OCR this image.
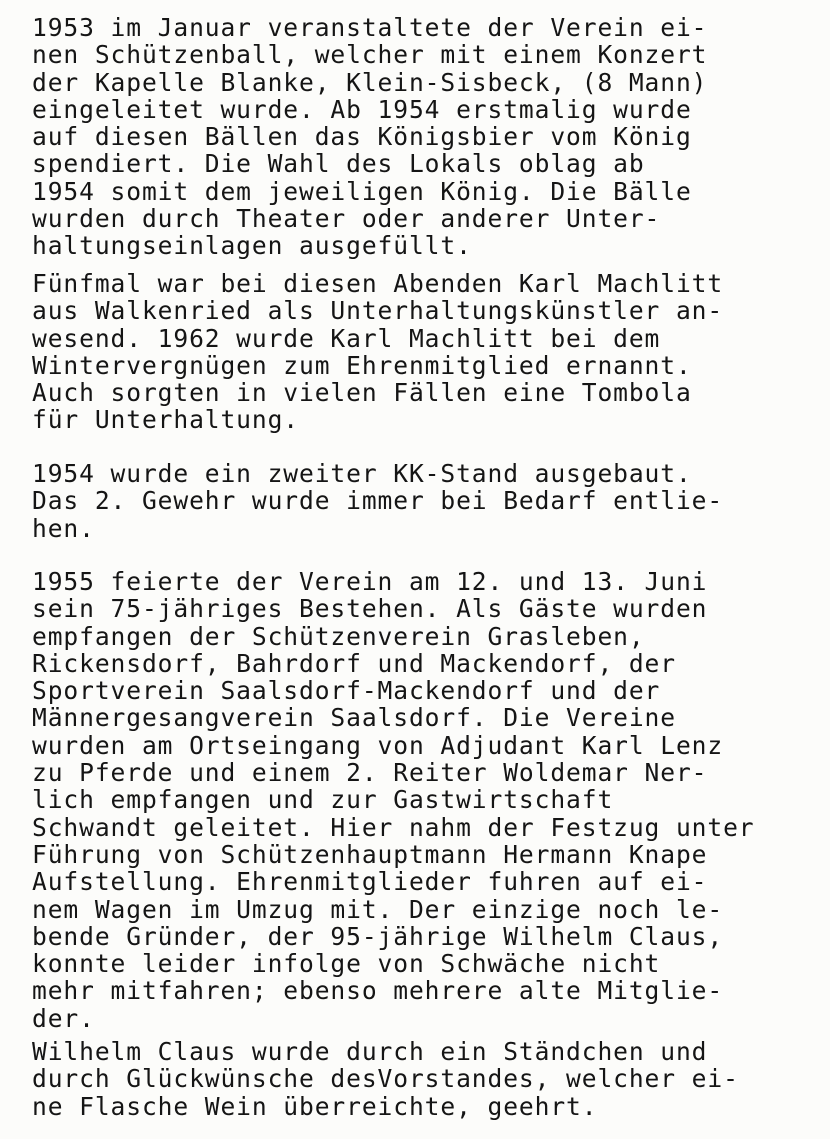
1953 im Januar veranstaltete der Verein ei-
nen Schützenball, welcher mit einem Konzert
der Kapelle Blanke, Klein-Sisbeck, (8 Mann)
eingeleitet wurde. Ab 1954 erstmalig wurde
auf diesen Bällen das Königsbier vom König
spendiert. Die Wahl des Lokals oblag ab
1954 somit dem jeweiligen König. Die Bälle
wurden durch Theater oder anderer Unter-
haltungseinlagen ausgefüllt.
Fünfmal war bei diesen Abenden Karl Machlitt
aus Walkenried als Unterhaltungskünstler an-
wesend. 1962 wurde Karl Machlitt bei dem
Wintervergnügen zum Ehrenmitglied ernannt.
Auch sorgten in vielen Fällen eine Tombola
für Unterhaltung.
1954 wurde ein zweiter KK-Stand ausgebaut.
Das 2. Gewehr wurde immer bei Bedarf entlie-
hen.
1955 feierte der Verein am 12. und 13. Juni
sein 75-jähriges Bestehen. Als Gäste wurden
empfangen der Schützenverein Grasleben,
Rickensdorf, Bahrdorf und Mackendorf, der
Sportverein Saalsdorf-Mackendorf und der
Männergesangverein Saalsdorf. Die Vereine
wurden am Ortseingang von Adjudant Karl Lenz
zu Pferde und einem 2. Reiter Woldemar Ner-
lich empfangen und zur Gastwirtschaft
Schwandt geleitet. Hier nahm der Festzug unter
Führung von Schützenhauptmann Hermann Knape
Aufstellung. Ehrenmitglieder fuhren auf ei-
nem Wagen im Umzug mit. Der einzige noch le-
bende Gründer, der 95-jährige Wilhelm Claus,
konnte leider infolge von Schwäche nicht
mehr mitfahren; ebenso mehrere alte Mitglie-
der.
Wilhelm Claus wurde durch ein Ständchen und
durch Glückwünsche desVorstandes, welcher ei-
ne Flasche Wein überreichte, geehrt.
